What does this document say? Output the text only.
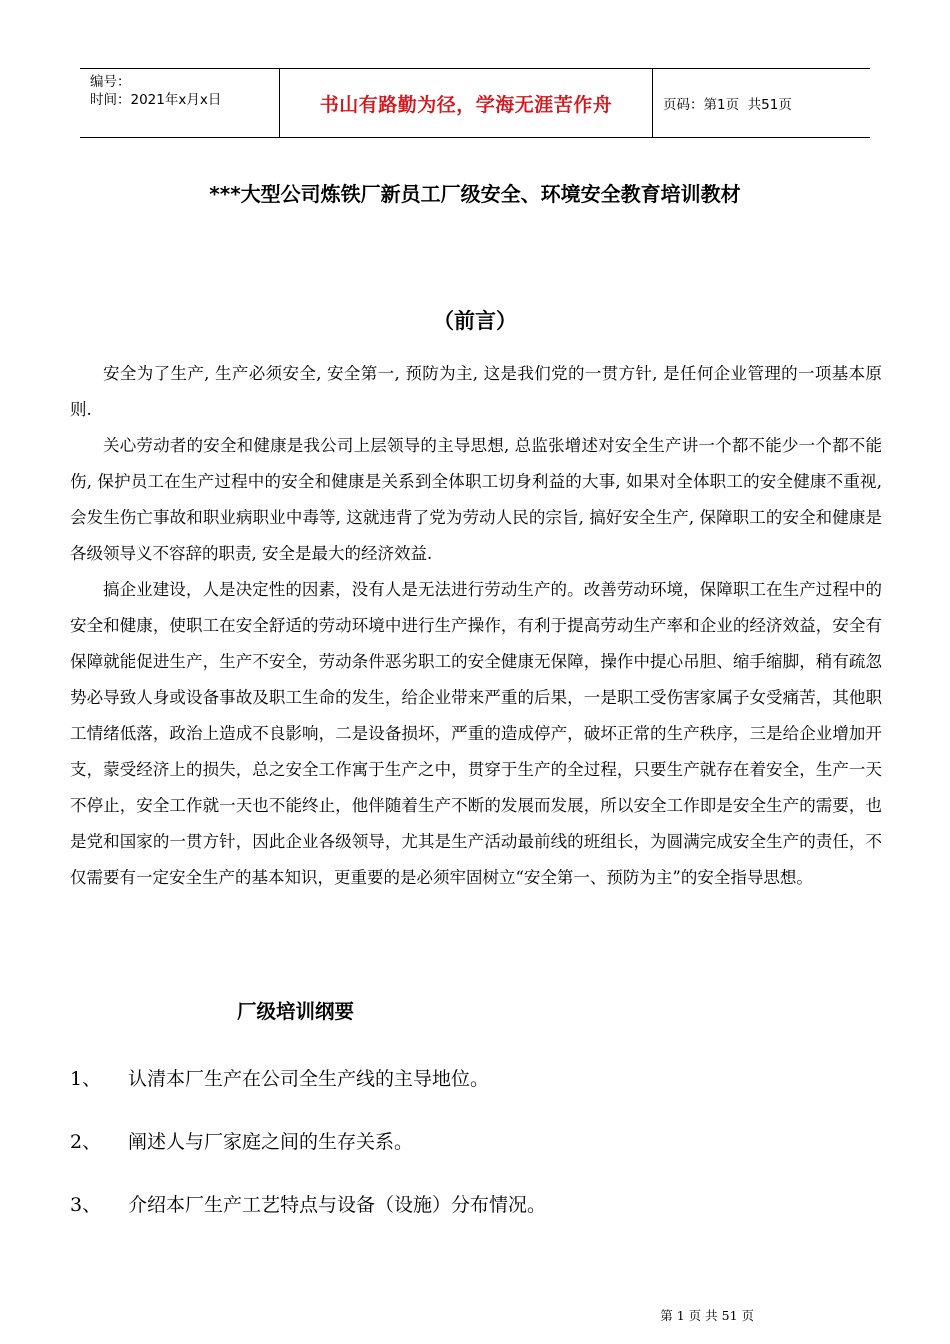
编号：
时间：2021年x月x日	书山有路勤为径，学海无涯苦作舟	页码：第1页  共51页
***大型公司炼铁厂新员工厂级安全、环境安全教育培训教材
（前言）

安全为了生产, 生产必须安全, 安全第一, 预防为主, 这是我们党的一贯方针, 是任何企业管理的一项基本原则.

关心劳动者的安全和健康是我公司上层领导的主导思想, 总监张增述对安全生产讲一个都不能少一个都不能伤, 保护员工在生产过程中的安全和健康是关系到全体职工切身利益的大事, 如果对全体职工的安全健康不重视, 会发生伤亡事故和职业病职业中毒等, 这就违背了党为劳动人民的宗旨, 搞好安全生产, 保障职工的安全和健康是各级领导义不容辞的职责, 安全是最大的经济效益.

搞企业建设，人是决定性的因素，没有人是无法进行劳动生产的。改善劳动环境，保障职工在生产过程中的安全和健康，使职工在安全舒适的劳动环境中进行生产操作，有利于提高劳动生产率和企业的经济效益，安全有保障就能促进生产，生产不安全，劳动条件恶劣职工的安全健康无保障，操作中提心吊胆、缩手缩脚，稍有疏忽势必导致人身或设备事故及职工生命的发生，给企业带来严重的后果，一是职工受伤害家属子女受痛苦，其他职工情绪低落，政治上造成不良影响，二是设备损坏，严重的造成停产，破坏正常的生产秩序，三是给企业增加开支，蒙受经济上的损失，总之安全工作寓于生产之中，贯穿于生产的全过程，只要生产就存在着安全，生产一天不停止，安全工作就一天也不能终止，他伴随着生产不断的发展而发展，所以安全工作即是安全生产的需要，也是党和国家的一贯方针，因此企业各级领导，尤其是生产活动最前线的班组长，为圆满完成安全生产的责任，不仅需要有一定安全生产的基本知识，更重要的是必须牢固树立“安全第一、预防为主”的安全指导思想。

厂级培训纲要
1、 认清本厂生产在公司全生产线的主导地位。
2、 阐述人与厂家庭之间的生存关系。
3、 介绍本厂生产工艺特点与设备（设施）分布情况。
第 1 页 共 51 页
